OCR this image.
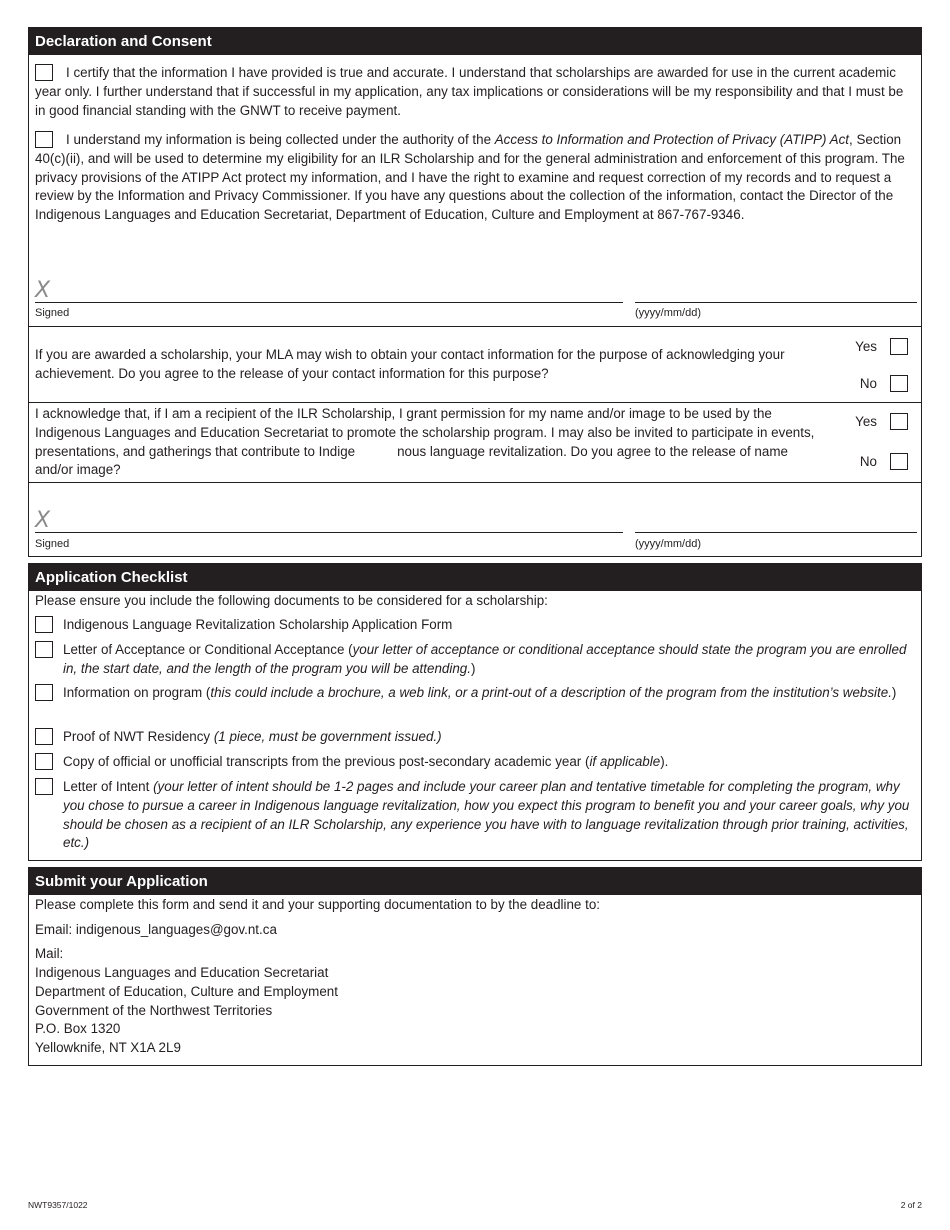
Declaration and Consent
I certify that the information I have provided is true and accurate. I understand that scholarships are awarded for use in the current academic year only. I further understand that if successful in my application, any tax implications or considerations will be my responsibility and that I must be in good financial standing with the GNWT to receive payment.
I understand my information is being collected under the authority of the Access to Information and Protection of Privacy (ATIPP) Act, Section 40(c)(ii), and will be used to determine my eligibility for an ILR Scholarship and for the general administration and enforcement of this program. The privacy provisions of the ATIPP Act protect my information, and I have the right to examine and request correction of my records and to request a review by the Information and Privacy Commissioner. If you have any questions about the collection of the information, contact the Director of the Indigenous Languages and Education Secretariat, Department of Education, Culture and Employment at 867-767-9346.
X
Signed	(yyyy/mm/dd)
If you are awarded a scholarship, your MLA may wish to obtain your contact information for the purpose of acknowledging your achievement. Do you agree to the release of your contact information for this purpose?
Yes
No
I acknowledge that, if I am a recipient of the ILR Scholarship, I grant permission for my name and/or image to be used by the Indigenous Languages and Education Secretariat to promote the scholarship program. I may also be invited to participate in events, presentations, and gatherings that contribute to Indige	nous language revitalization. Do you agree to the release of name and/or image?
Yes
No
X
Signed	(yyyy/mm/dd)
Application Checklist
Please ensure you include the following documents to be considered for a scholarship:
Indigenous Language Revitalization Scholarship Application Form
Letter of Acceptance or Conditional Acceptance (your letter of acceptance or conditional acceptance should state the program you are enrolled in, the start date, and the length of the program you will be attending.)
Information on program (this could include a brochure, a web link, or a print-out of a description of the program from the institution’s website.)
Proof of NWT Residency (1 piece, must be government issued.)
Copy of official or unofficial transcripts from the previous post-secondary academic year (if applicable).
Letter of Intent (your letter of intent should be 1-2 pages and include your career plan and tentative timetable for completing the program, why you chose to pursue a career in Indigenous language revitalization, how you expect this program to benefit you and your career goals, why you should be chosen as a recipient of an ILR Scholarship, any experience you have with to language revitalization through prior training, activities, etc.)
Submit your Application
Please complete this form and send it and your supporting documentation to by the deadline to:
Email: indigenous_languages@gov.nt.ca
Mail:
Indigenous Languages and Education Secretariat
Department of Education, Culture and Employment
Government of the Northwest Territories
P.O. Box 1320
Yellowknife, NT X1A 2L9
NWT9357/1022	2 of 2
